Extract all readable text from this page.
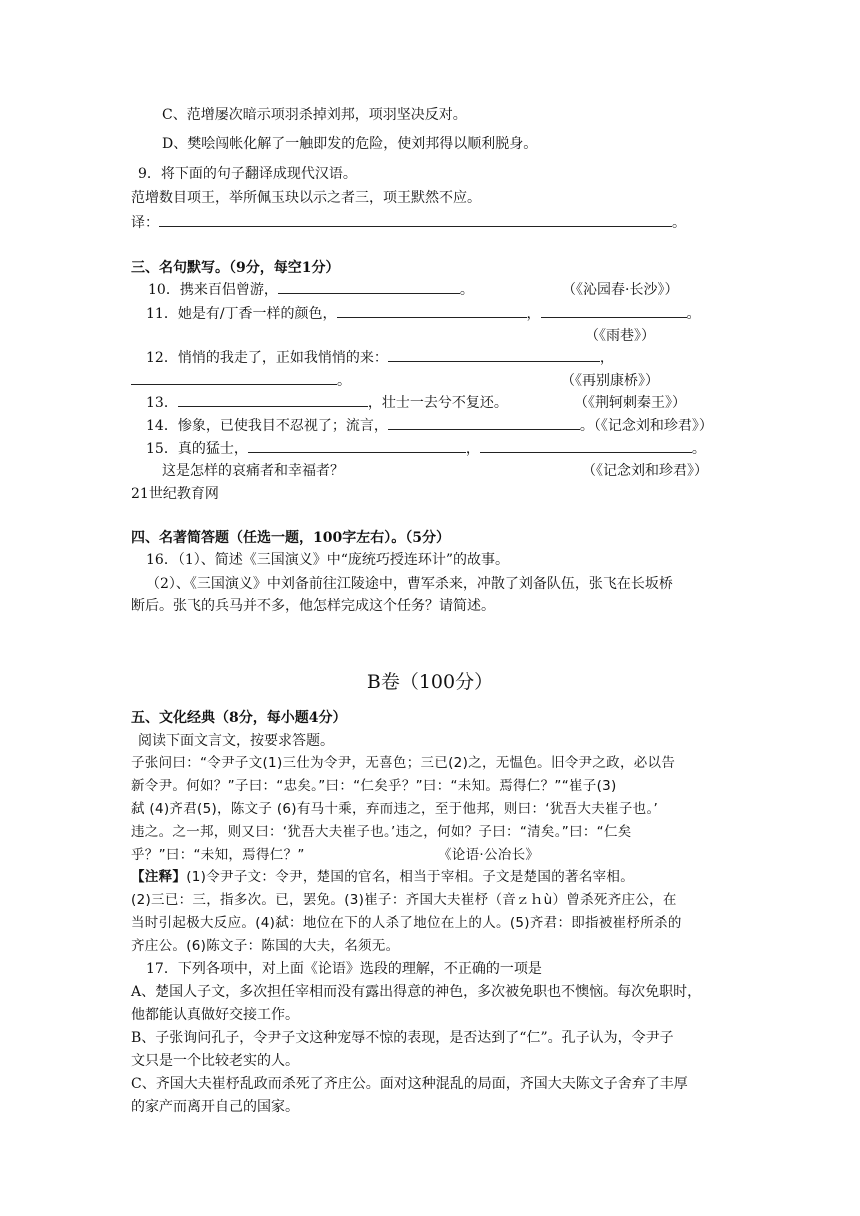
C、范增屡次暗示项羽杀掉刘邦，项羽坚决反对。
D、樊哙闯帐化解了一触即发的危险，使刘邦得以顺利脱身。
9．将下面的句子翻译成现代汉语。
范增数目项王，举所佩玉玦以示之者三，项王默然不应。
译：	。
三、名句默写。（9分，每空1分）
10．携来百侣曾游，	。	（《沁园春·长沙》）
11．她是有/丁香一样的颜色，	，	。
（《雨巷》）
12．悄悄的我走了，正如我悄悄的来：	，
。	（《再别康桥》）
13．	，壮士一去兮不复还。	（《荆轲刺秦王》）
14．惨象，已使我目不忍视了；流言，	。（《记念刘和珍君》）
15．真的猛士，	，	。
这是怎样的哀痛者和幸福者？	（《记念刘和珍君》）
21世纪教育网
四、名著简答题（任选一题，100字左右）。（5分）
16．（1）、简述《三国演义》中“庞统巧授连环计”的故事。
（2）、《三国演义》中刘备前往江陵途中，曹军杀来，冲散了刘备队伍，张飞在长坂桥
断后。张飞的兵马并不多，他怎样完成这个任务？请简述。
B卷（100分）
五、文化经典（8分，每小题4分）
阅读下面文言文，按要求答题。
子张问曰：“令尹子文(1)三仕为令尹，无喜色；三已(2)之，无愠色。旧令尹之政，必以告
新令尹。何如？”子曰：“忠矣。”曰：“仁矣乎？”曰：“未知。焉得仁？”“崔子(3)
弑 (4)齐君(5)，陈文子 (6)有马十乘，弃而违之，至于他邦，则曰：‘犹吾大夫崔子也。’
违之。之一邦，则又曰：‘犹吾大夫崔子也。’违之，何如？子曰：“清矣。”曰：“仁矣
乎？”曰：“未知，焉得仁？”	《论语·公冶长》
【注释】(1)令尹子文：令尹，楚国的官名，相当于宰相。子文是楚国的著名宰相。
(2)三已：三，指多次。已，罢免。(3)崔子：齐国大夫崔杼（音ｚｈù）曾杀死齐庄公，在
当时引起极大反应。(4)弑：地位在下的人杀了地位在上的人。(5)齐君：即指被崔杼所杀的
齐庄公。(6)陈文子：陈国的大夫，名须无。
17．下列各项中，对上面《论语》选段的理解，不正确的一项是
A、楚国人子文，多次担任宰相而没有露出得意的神色，多次被免职也不懊恼。每次免职时，
他都能认真做好交接工作。
B、子张询问孔子，令尹子文这种宠辱不惊的表现，是否达到了“仁”。孔子认为，令尹子
文只是一个比较老实的人。
C、齐国大夫崔杼乱政而杀死了齐庄公。面对这种混乱的局面，齐国大夫陈文子舍弃了丰厚
的家产而离开自己的国家。
